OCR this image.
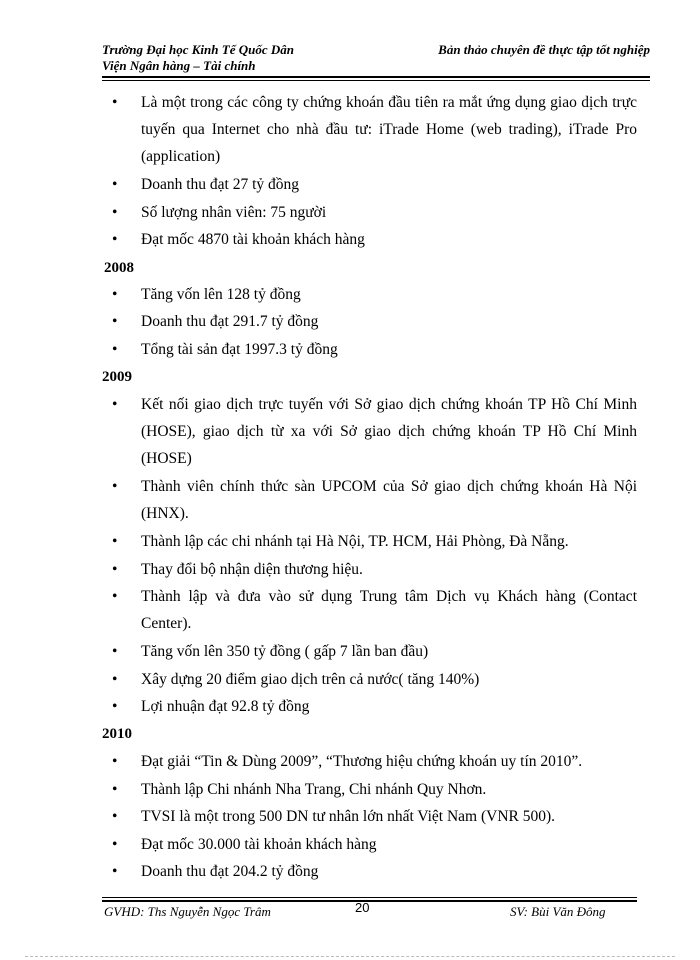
Trường Đại học Kinh Tế Quốc Dân	Bản thảo chuyên đề thực tập tốt nghiệp
Viện Ngân hàng – Tài chính
•	Là một trong các công ty chứng khoán đầu tiên ra mắt ứng dụng giao dịch trực tuyến qua Internet cho nhà đầu tư: iTrade Home (web trading), iTrade Pro (application)
•	Doanh thu đạt 27 tỷ đồng
•	Số lượng nhân viên: 75 người
•	Đạt mốc 4870 tài khoản khách hàng
2008
•	Tăng vốn lên 128 tỷ đồng
•	Doanh thu đạt 291.7 tỷ đồng
•	Tổng tài sản đạt 1997.3 tỷ đồng
2009
•	Kết nối giao dịch trực tuyến với Sở giao dịch chứng khoán TP Hồ Chí Minh (HOSE), giao dịch từ xa với Sở giao dịch chứng khoán TP Hồ Chí Minh (HOSE)
•	Thành viên chính thức sàn UPCOM của Sở giao dịch chứng khoán Hà Nội (HNX).
•	Thành lập các chi nhánh tại Hà Nội, TP. HCM, Hải Phòng, Đà Nẵng.
•	Thay đổi bộ nhận diện thương hiệu.
•	Thành lập và đưa vào sử dụng Trung tâm Dịch vụ Khách hàng (Contact Center).
•	Tăng vốn lên 350 tỷ đồng ( gấp 7 lần ban đầu)
•	Xây dựng 20 điểm giao dịch trên cả nước( tăng 140%)
•	Lợi nhuận đạt 92.8 tỷ đồng
2010
•	Đạt giải “Tin & Dùng 2009”, “Thương hiệu chứng khoán uy tín 2010”.
•	Thành lập Chi nhánh Nha Trang, Chi nhánh Quy Nhơn.
•	TVSI là một trong 500 DN tư nhân lớn nhất Việt Nam (VNR 500).
•	Đạt mốc 30.000 tài khoản khách hàng
•	Doanh thu đạt 204.2 tỷ đồng
GVHD: Ths Nguyễn Ngọc Trâm	20	SV: Bùi Văn Đông
